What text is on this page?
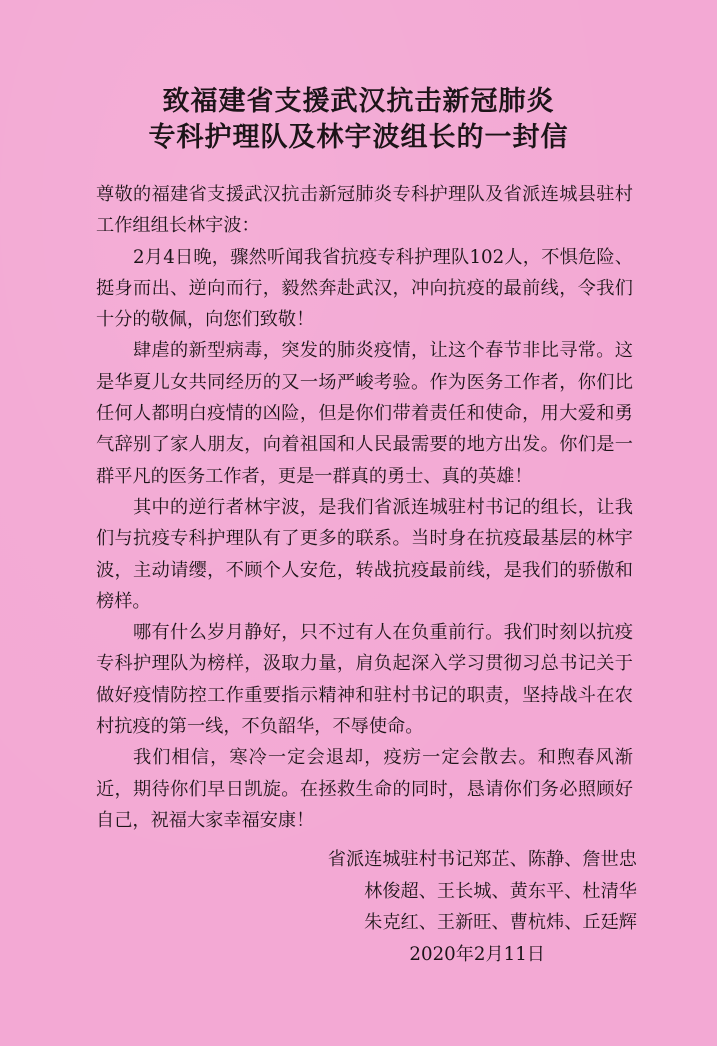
致福建省支援武汉抗击新冠肺炎
专科护理队及林宇波组长的一封信

尊敬的福建省支援武汉抗击新冠肺炎专科护理队及省派连城县驻村工作组组长林宇波：

2月4日晚，骤然听闻我省抗疫专科护理队102人，不惧危险、挺身而出、逆向而行，毅然奔赴武汉，冲向抗疫的最前线，令我们十分的敬佩，向您们致敬！

肆虐的新型病毒，突发的肺炎疫情，让这个春节非比寻常。这是华夏儿女共同经历的又一场严峻考验。作为医务工作者，你们比任何人都明白疫情的凶险，但是你们带着责任和使命，用大爱和勇气辞别了家人朋友，向着祖国和人民最需要的地方出发。你们是一群平凡的医务工作者，更是一群真的勇士、真的英雄！

其中的逆行者林宇波，是我们省派连城驻村书记的组长，让我们与抗疫专科护理队有了更多的联系。当时身在抗疫最基层的林宇波，主动请缨，不顾个人安危，转战抗疫最前线，是我们的骄傲和榜样。

哪有什么岁月静好，只不过有人在负重前行。我们时刻以抗疫专科护理队为榜样，汲取力量，肩负起深入学习贯彻习总书记关于做好疫情防控工作重要指示精神和驻村书记的职责，坚持战斗在农村抗疫的第一线，不负韶华，不辱使命。

我们相信，寒冷一定会退却，疫疠一定会散去。和煦春风渐近，期待你们早日凯旋。在拯救生命的同时，恳请你们务必照顾好自己，祝福大家幸福安康！

省派连城驻村书记郑芷、陈静、詹世忠
林俊超、王长城、黄东平、杜清华
朱克红、王新旺、曹杭炜、丘廷辉
2020年2月11日
